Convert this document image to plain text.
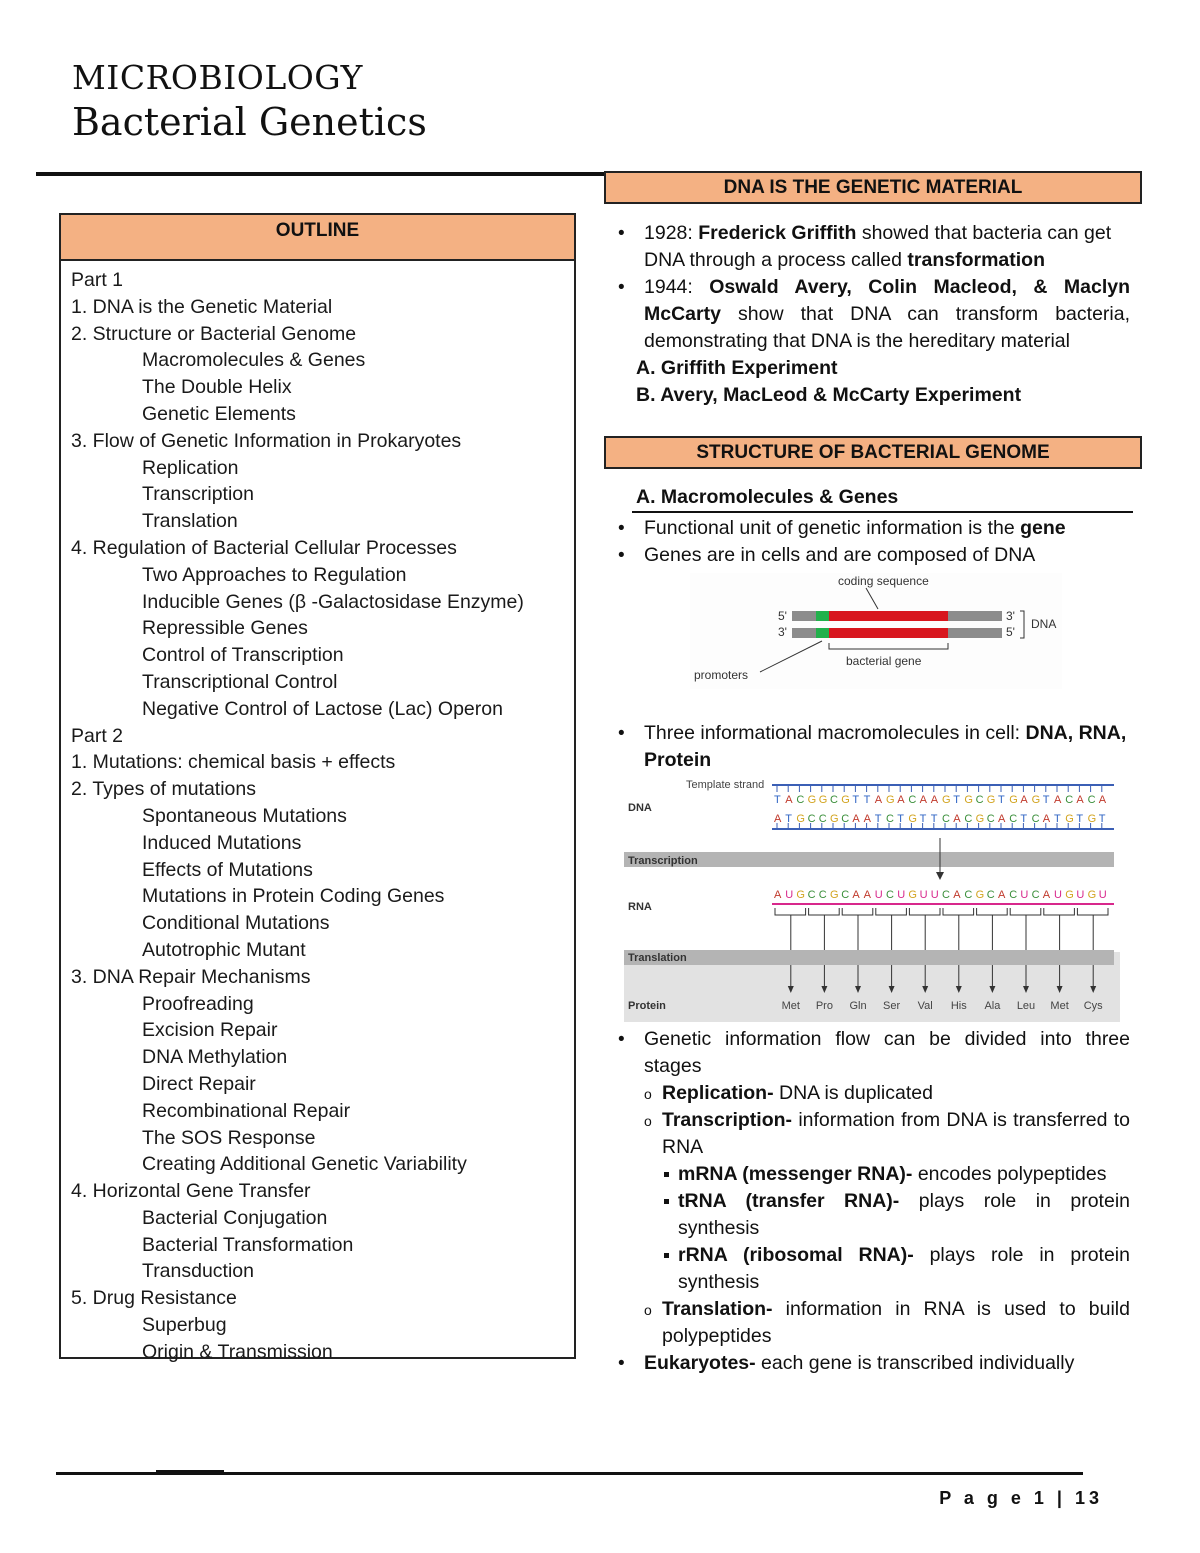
MICROBIOLOGY
Bacterial Genetics
OUTLINE
Part 1
1. DNA is the Genetic Material
2. Structure or Bacterial Genome
Macromolecules & Genes
The Double Helix
Genetic Elements
3. Flow of Genetic Information in Prokaryotes
Replication
Transcription
Translation
4. Regulation of Bacterial Cellular Processes
Two Approaches to Regulation
Inducible Genes (β -Galactosidase Enzyme)
Repressible Genes
Control of Transcription
Transcriptional Control
Negative Control of Lactose (Lac) Operon
Part 2
1. Mutations: chemical basis + effects
2. Types of mutations
Spontaneous Mutations
Induced Mutations
Effects of Mutations
Mutations in Protein Coding Genes
Conditional Mutations
Autotrophic Mutant
3. DNA Repair Mechanisms
Proofreading
Excision Repair
DNA Methylation
Direct Repair
Recombinational Repair
The SOS Response
Creating Additional Genetic Variability
4. Horizontal Gene Transfer
Bacterial Conjugation
Bacterial Transformation
Transduction
5. Drug Resistance
Superbug
Origin & Transmission
DNA IS THE GENETIC MATERIAL
• 1928: Frederick Griffith showed that bacteria can get DNA through a process called transformation
• 1944: Oswald Avery, Colin Macleod, & Maclyn McCarty show that DNA can transform bacteria, demonstrating that DNA is the hereditary material
A. Griffith Experiment
B. Avery, MacLeod & McCarty Experiment
STRUCTURE OF BACTERIAL GENOME
A. Macromolecules & Genes
• Functional unit of genetic information is the gene
• Genes are in cells and are composed of DNA
coding sequence
5'
3'
3'
5'
DNA
bacterial gene
promoters
• Three informational macromolecules in cell: DNA, RNA, Protein
Template strand
DNA
T A C G G C G T T A G A C A A G T G C G T G A G T A C A C A
A T G C C G C A A T C T G T T C A C G C A C T C A T G T G T
Transcription
RNA
A U G C C G C A A U C U G U U C A C G C A C U C A U G U G U
Translation
Protein	Met Pro Gln Ser Val His Ala Leu Met Cys
• Genetic information flow can be divided into three stages
o Replication- DNA is duplicated
o Transcription- information from DNA is transferred to RNA
mRNA (messenger RNA)- encodes polypeptides
tRNA (transfer RNA)- plays role in protein synthesis
rRNA (ribosomal RNA)- plays role in protein synthesis
o Translation- information in RNA is used to build polypeptides
• Eukaryotes- each gene is transcribed individually
P a g e 1 | 13
